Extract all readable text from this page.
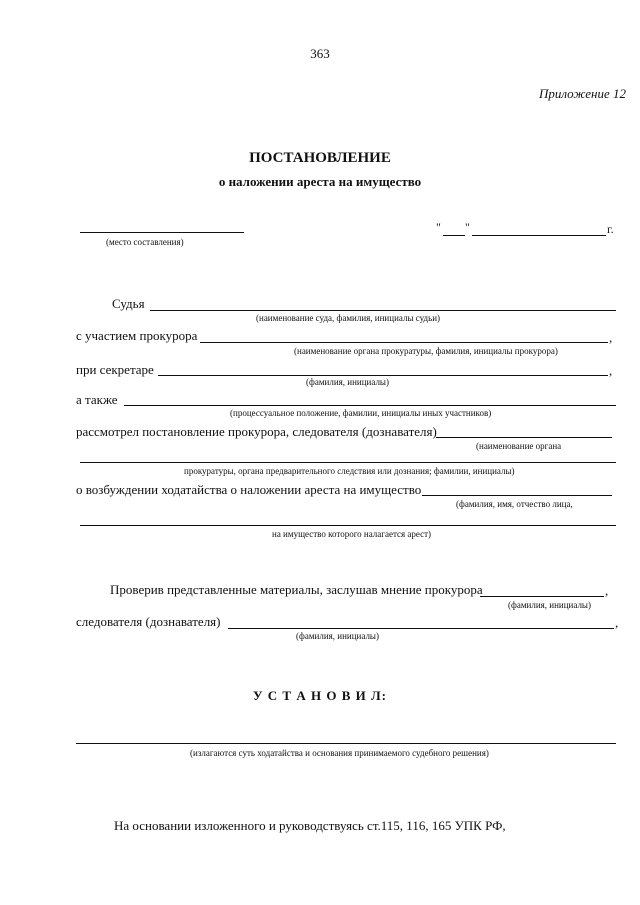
363
Приложение 12
ПОСТАНОВЛЕНИЕ
о наложении ареста на имущество
(место составления)
" "	г.
Судья
(наименование суда, фамилия, инициалы судьи)
с участием прокурора	,
(наименование органа прокуратуры, фамилия, инициалы прокурора)
при секретаре	,
(фамилия, инициалы)
а также
(процессуальное положение, фамилии, инициалы иных участников)
рассмотрел постановление прокурора, следователя (дознавателя)
(наименование органа
прокуратуры, органа предварительного следствия или дознания; фамилии, инициалы)
о возбуждении ходатайства о наложении ареста на имущество
(фамилия, имя, отчество лица,
на имущество которого налагается арест)
Проверив представленные материалы, заслушав мнение прокурора	,
(фамилия, инициалы)
следователя (дознавателя)	,
(фамилия, инициалы)
У С Т А Н О В И Л:
(излагаются суть ходатайства и основания принимаемого судебного решения)
На основании изложенного и руководствуясь ст.115, 116, 165 УПК РФ,
